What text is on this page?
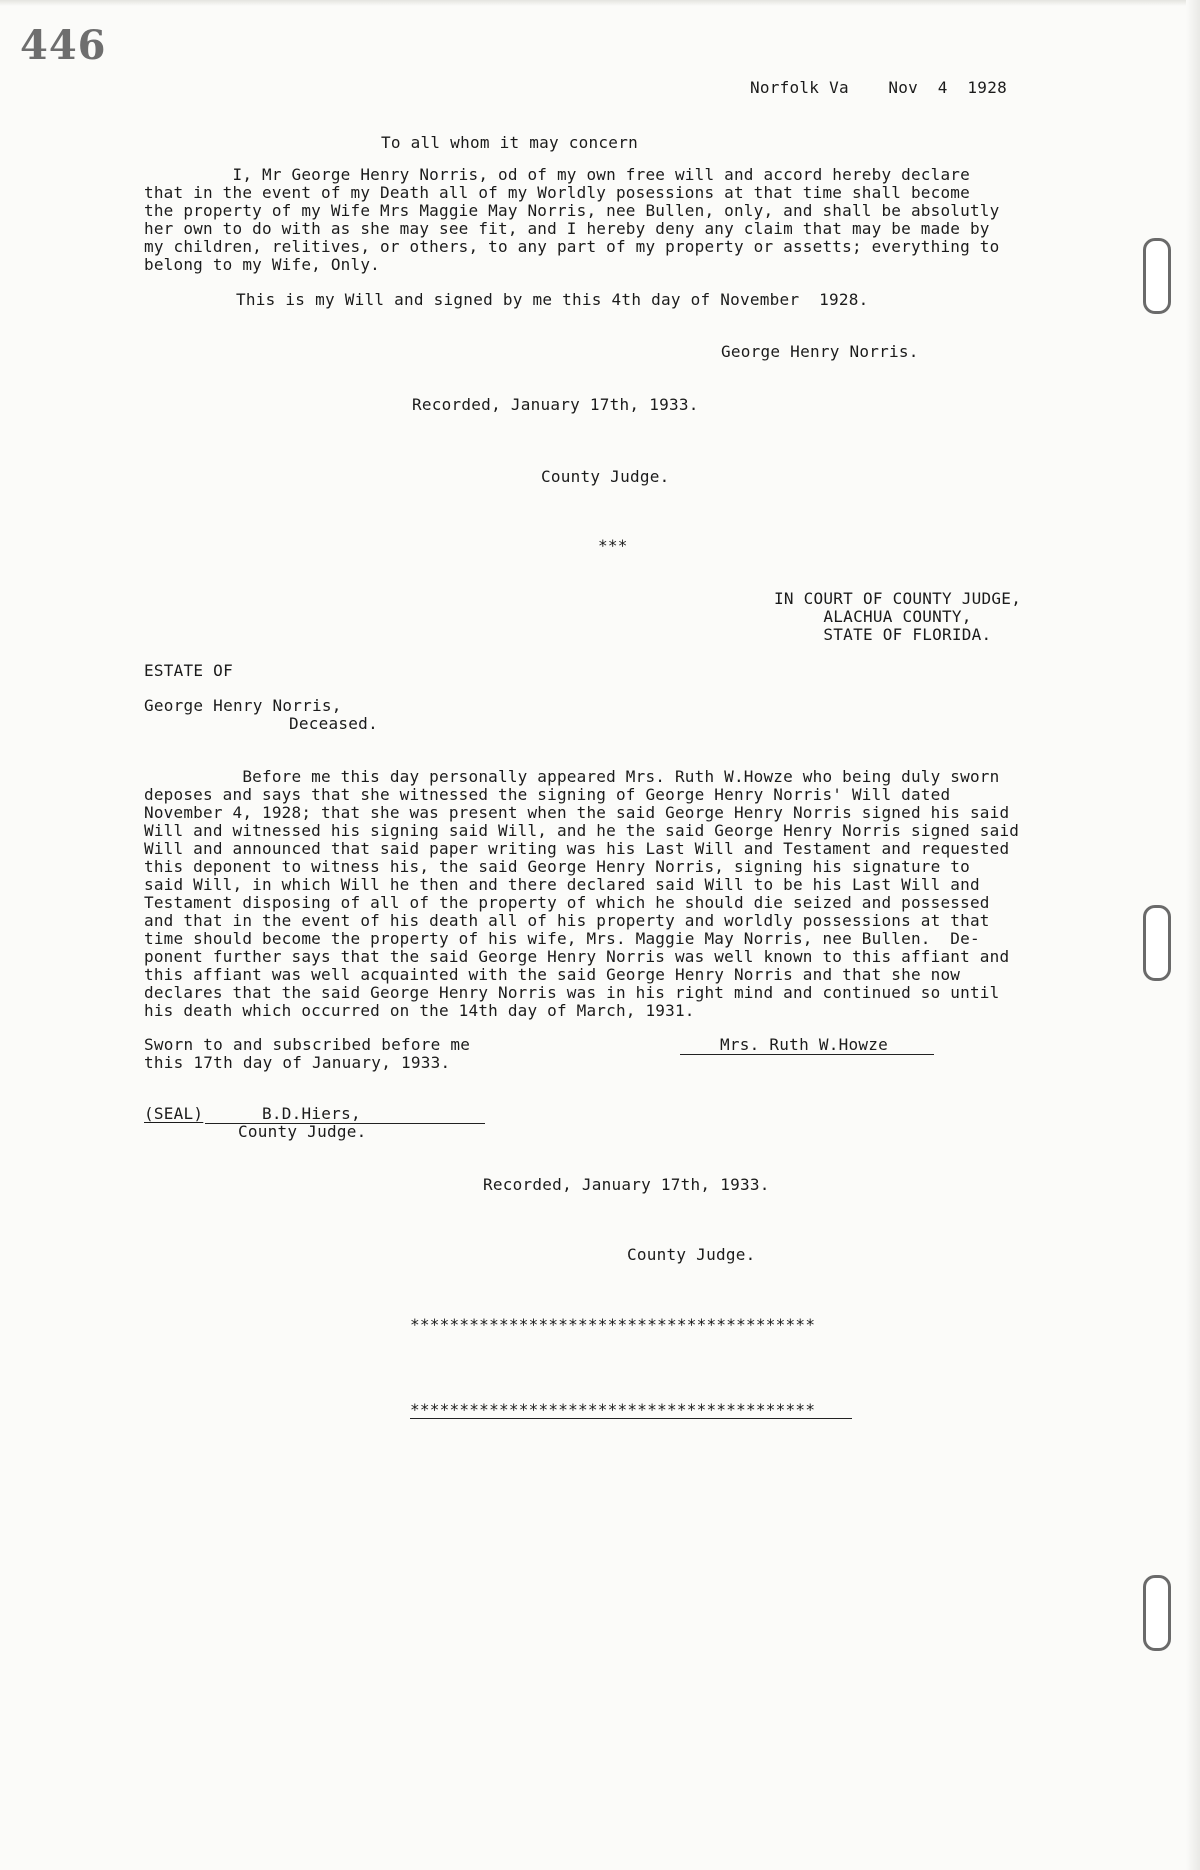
446
Norfolk Va    Nov  4  1928
To all whom it may concern
I, Mr George Henry Norris, od of my own free will and accord hereby declare
that in the event of my Death all of my Worldly posessions at that time shall become
the property of my Wife Mrs Maggie May Norris, nee Bullen, only, and shall be absolutly
her own to do with as she may see fit, and I hereby deny any claim that may be made by
my children, relitives, or others, to any part of my property or assetts; everything to
belong to my Wife, Only.
This is my Will and signed by me this 4th day of November  1928.
George Henry Norris.
Recorded, January 17th, 1933.
County Judge.
***
IN COURT OF COUNTY JUDGE,
ALACHUA COUNTY,
STATE OF FLORIDA.
ESTATE OF
George Henry Norris,
Deceased.
Before me this day personally appeared Mrs. Ruth W.Howze who being duly sworn
deposes and says that she witnessed the signing of George Henry Norris' Will dated
November 4, 1928; that she was present when the said George Henry Norris signed his said
Will and witnessed his signing said Will, and he the said George Henry Norris signed said
Will and announced that said paper writing was his Last Will and Testament and requested
this deponent to witness his, the said George Henry Norris, signing his signature to
said Will, in which Will he then and there declared said Will to be his Last Will and
Testament disposing of all of the property of which he should die seized and possessed
and that in the event of his death all of his property and worldly possessions at that
time should become the property of his wife, Mrs. Maggie May Norris, nee Bullen.  De-
ponent further says that the said George Henry Norris was well known to this affiant and
this affiant was well acquainted with the said George Henry Norris and that she now
declares that the said George Henry Norris was in his right mind and continued so until
his death which occurred on the 14th day of March, 1931.
Sworn to and subscribed before me
this 17th day of January, 1933.
Mrs. Ruth W.Howze
(SEAL)	B.D.Hiers,
County Judge.
Recorded, January 17th, 1933.
County Judge.
*****************************************
*****************************************
